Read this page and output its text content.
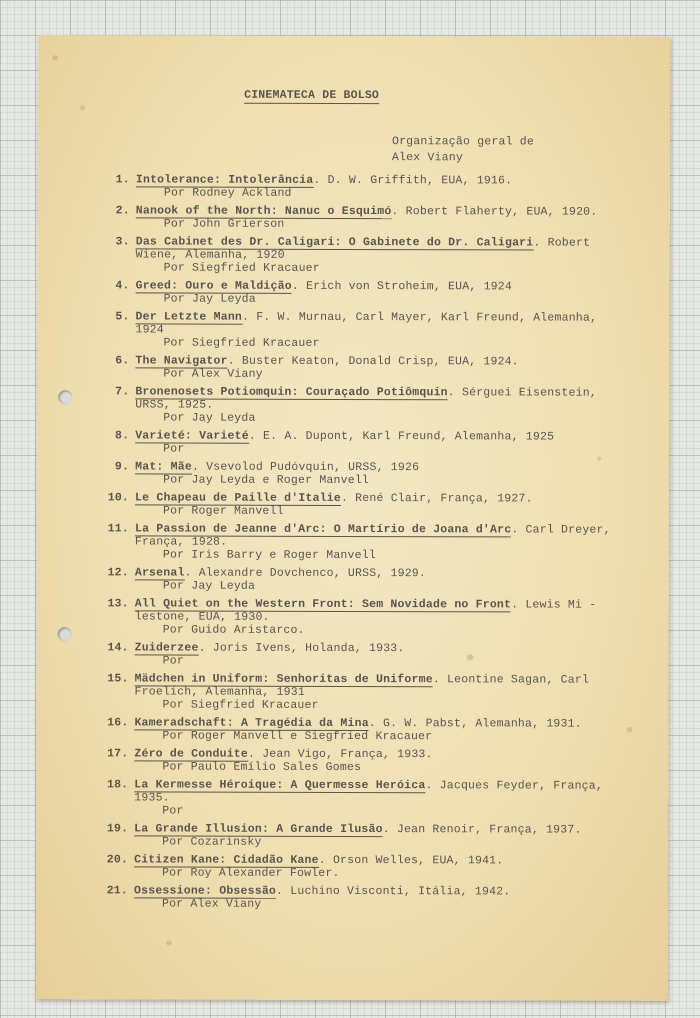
CINEMATECA DE BOLSO
Organização geral de
Alex Viany
1. Intolerance: Intolerância. D. W. Griffith, EUA, 1916.
Por Rodney Ackland
2. Nanook of the North: Nanuc o Esquimó. Robert Flaherty, EUA, 1920.
Por John Grierson
3. Das Cabinet des Dr. Caligari: O Gabinete do Dr. Caligari. Robert
Wiene, Alemanha, 1920
Por Siegfried Kracauer
4. Greed: Ouro e Maldição. Erich von Stroheim, EUA, 1924
Por Jay Leyda
5. Der Letzte Mann. F. W. Murnau, Carl Mayer, Karl Freund, Alemanha,
1924
Por Siegfried Kracauer
6. The Navigator. Buster Keaton, Donald Crisp, EUA, 1924.
Por Alex Viany
7. Bronenosets Potiomquin: Couraçado Potiômquin. Sérguei Eisenstein,
URSS, 1925.
Por Jay Leyda
8. Varieté: Varieté. E. A. Dupont, Karl Freund, Alemanha, 1925
Por
9. Mat: Mãe. Vsevolod Pudóvquin, URSS, 1926
Por Jay Leyda e Roger Manvell
10. Le Chapeau de Paille d'Italie. René Clair, França, 1927.
Por Roger Manvell
11. La Passion de Jeanne d'Arc: O Martírio de Joana d'Arc. Carl Dreyer,
França, 1928.
Por Iris Barry e Roger Manvell
12. Arsenal. Alexandre Dovchenco, URSS, 1929.
Por Jay Leyda
13. All Quiet on the Western Front: Sem Novidade no Front. Lewis Mi -
lestone, EUA, 1930.
Por Guido Aristarco.
14. Zuiderzee. Joris Ivens, Holanda, 1933.
Por
15. Mädchen in Uniform: Senhoritas de Uniforme. Leontine Sagan, Carl
Froelich, Alemanha, 1931
Por Siegfried Kracauer
16. Kameradschaft: A Tragédia da Mina. G. W. Pabst, Alemanha, 1931.
Por Roger Manvell e Siegfried Kracauer
17. Zéro de Conduite. Jean Vigo, França, 1933.
Por Paulo Emílio Sales Gomes
18. La Kermesse Héroique: A Quermesse Heróica. Jacques Feyder, França,
1935.
Por
19. La Grande Illusion: A Grande Ilusão. Jean Renoir, França, 1937.
Por Cozarinsky
20. Citizen Kane: Cidadão Kane. Orson Welles, EUA, 1941.
Por Roy Alexander Fowler.
21. Ossessione: Obsessão. Luchino Visconti, Itália, 1942.
Por Alex Viany
